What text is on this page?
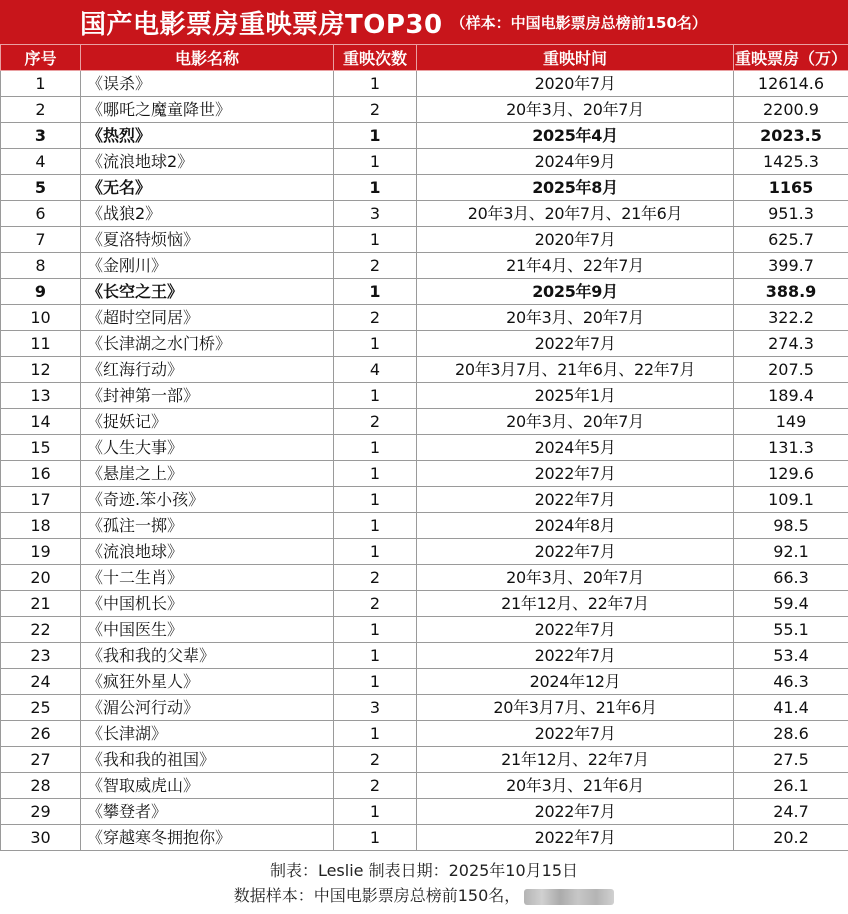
国产电影票房重映票房TOP30 （样本：中国电影票房总榜前150名）
序号	电影名称	重映次数	重映时间	重映票房（万）
1	《误杀》	1	2020年7月	12614.6
2	《哪吒之魔童降世》	2	20年3月、20年7月	2200.9
3	《热烈》	1	2025年4月	2023.5
4	《流浪地球2》	1	2024年9月	1425.3
5	《无名》	1	2025年8月	1165
6	《战狼2》	3	20年3月、20年7月、21年6月	951.3
7	《夏洛特烦恼》	1	2020年7月	625.7
8	《金刚川》	2	21年4月、22年7月	399.7
9	《长空之王》	1	2025年9月	388.9
10	《超时空同居》	2	20年3月、20年7月	322.2
11	《长津湖之水门桥》	1	2022年7月	274.3
12	《红海行动》	4	20年3月7月、21年6月、22年7月	207.5
13	《封神第一部》	1	2025年1月	189.4
14	《捉妖记》	2	20年3月、20年7月	149
15	《人生大事》	1	2024年5月	131.3
16	《悬崖之上》	1	2022年7月	129.6
17	《奇迹.笨小孩》	1	2022年7月	109.1
18	《孤注一掷》	1	2024年8月	98.5
19	《流浪地球》	1	2022年7月	92.1
20	《十二生肖》	2	20年3月、20年7月	66.3
21	《中国机长》	2	21年12月、22年7月	59.4
22	《中国医生》	1	2022年7月	55.1
23	《我和我的父辈》	1	2022年7月	53.4
24	《疯狂外星人》	1	2024年12月	46.3
25	《湄公河行动》	3	20年3月7月、21年6月	41.4
26	《长津湖》	1	2022年7月	28.6
27	《我和我的祖国》	2	21年12月、22年7月	27.5
28	《智取威虎山》	2	20年3月、21年6月	26.1
29	《攀登者》	1	2022年7月	24.7
30	《穿越寒冬拥抱你》	1	2022年7月	20.2
制表：Leslie 制表日期：2025年10月15日
数据样本：中国电影票房总榜前150名，
